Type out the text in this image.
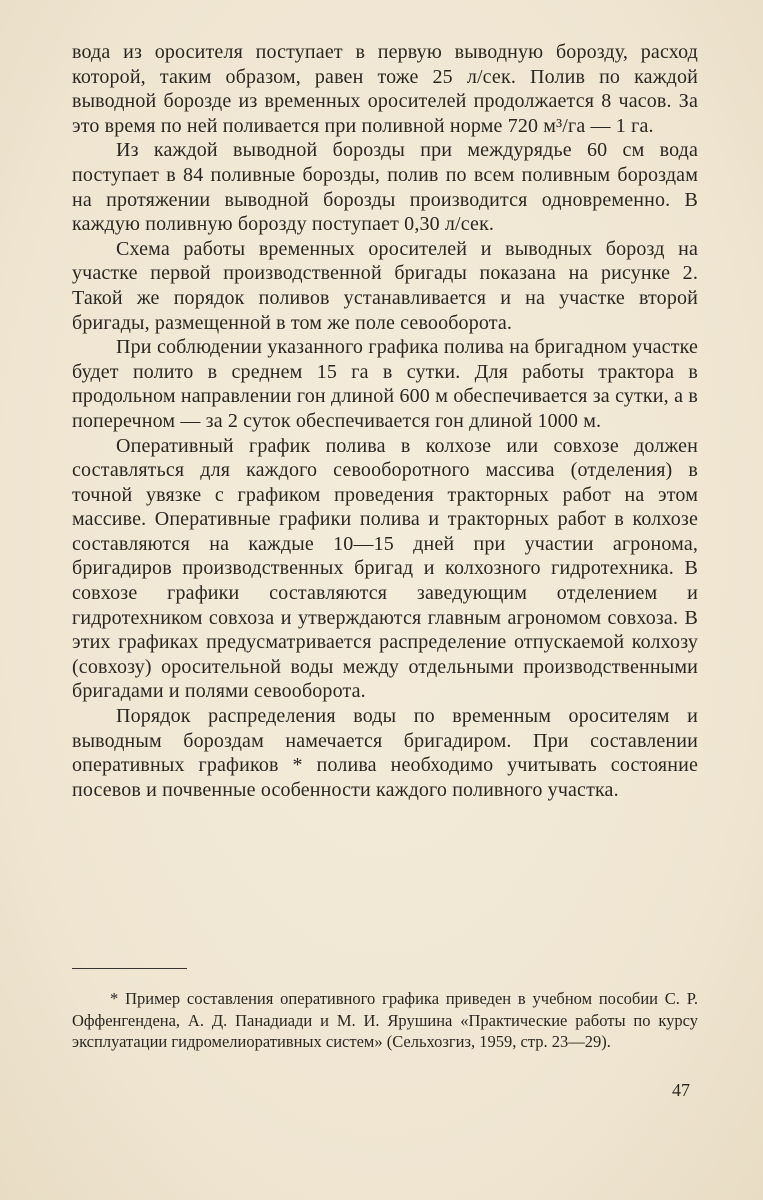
вода из оросителя поступает в первую выводную борозду, расход которой, таким образом, равен тоже 25 л/сек. Полив по каждой выводной борозде из временных оросителей продолжается 8 часов. За это время по ней поливается при поливной норме 720 м³/га — 1 га.

Из каждой выводной борозды при междурядье 60 см вода поступает в 84 поливные борозды, полив по всем поливным бороздам на протяжении выводной борозды производится одновременно. В каждую поливную борозду поступает 0,30 л/сек.

Схема работы временных оросителей и выводных борозд на участке первой производственной бригады показана на рисунке 2. Такой же порядок поливов устанавливается и на участке второй бригады, размещенной в том же поле севооборота.

При соблюдении указанного графика полива на бригадном участке будет полито в среднем 15 га в сутки. Для работы трактора в продольном направлении гон длиной 600 м обеспечивается за сутки, а в поперечном — за 2 суток обеспечивается гон длиной 1000 м.

Оперативный график полива в колхозе или совхозе должен составляться для каждого севооборотного массива (отделения) в точной увязке с графиком проведения тракторных работ на этом массиве. Оперативные графики полива и тракторных работ в колхозе составляются на каждые 10—15 дней при участии агронома, бригадиров производственных бригад и колхозного гидротехника. В совхозе графики составляются заведующим отделением и гидротехником совхоза и утверждаются главным агрономом совхоза. В этих графиках предусматривается распределение отпускаемой колхозу (совхозу) оросительной воды между отдельными производственными бригадами и полями севооборота.

Порядок распределения воды по временным оросителям и выводным бороздам намечается бригадиром. При составлении оперативных графиков * полива необходимо учитывать состояние посевов и почвенные особенности каждого поливного участка.

* Пример составления оперативного графика приведен в учебном пособии С. Р. Оффенгендена, А. Д. Панадиади и М. И. Ярушина «Практические работы по курсу эксплуатации гидромелиоративных систем» (Сельхозгиз, 1959, стр. 23—29).

47
